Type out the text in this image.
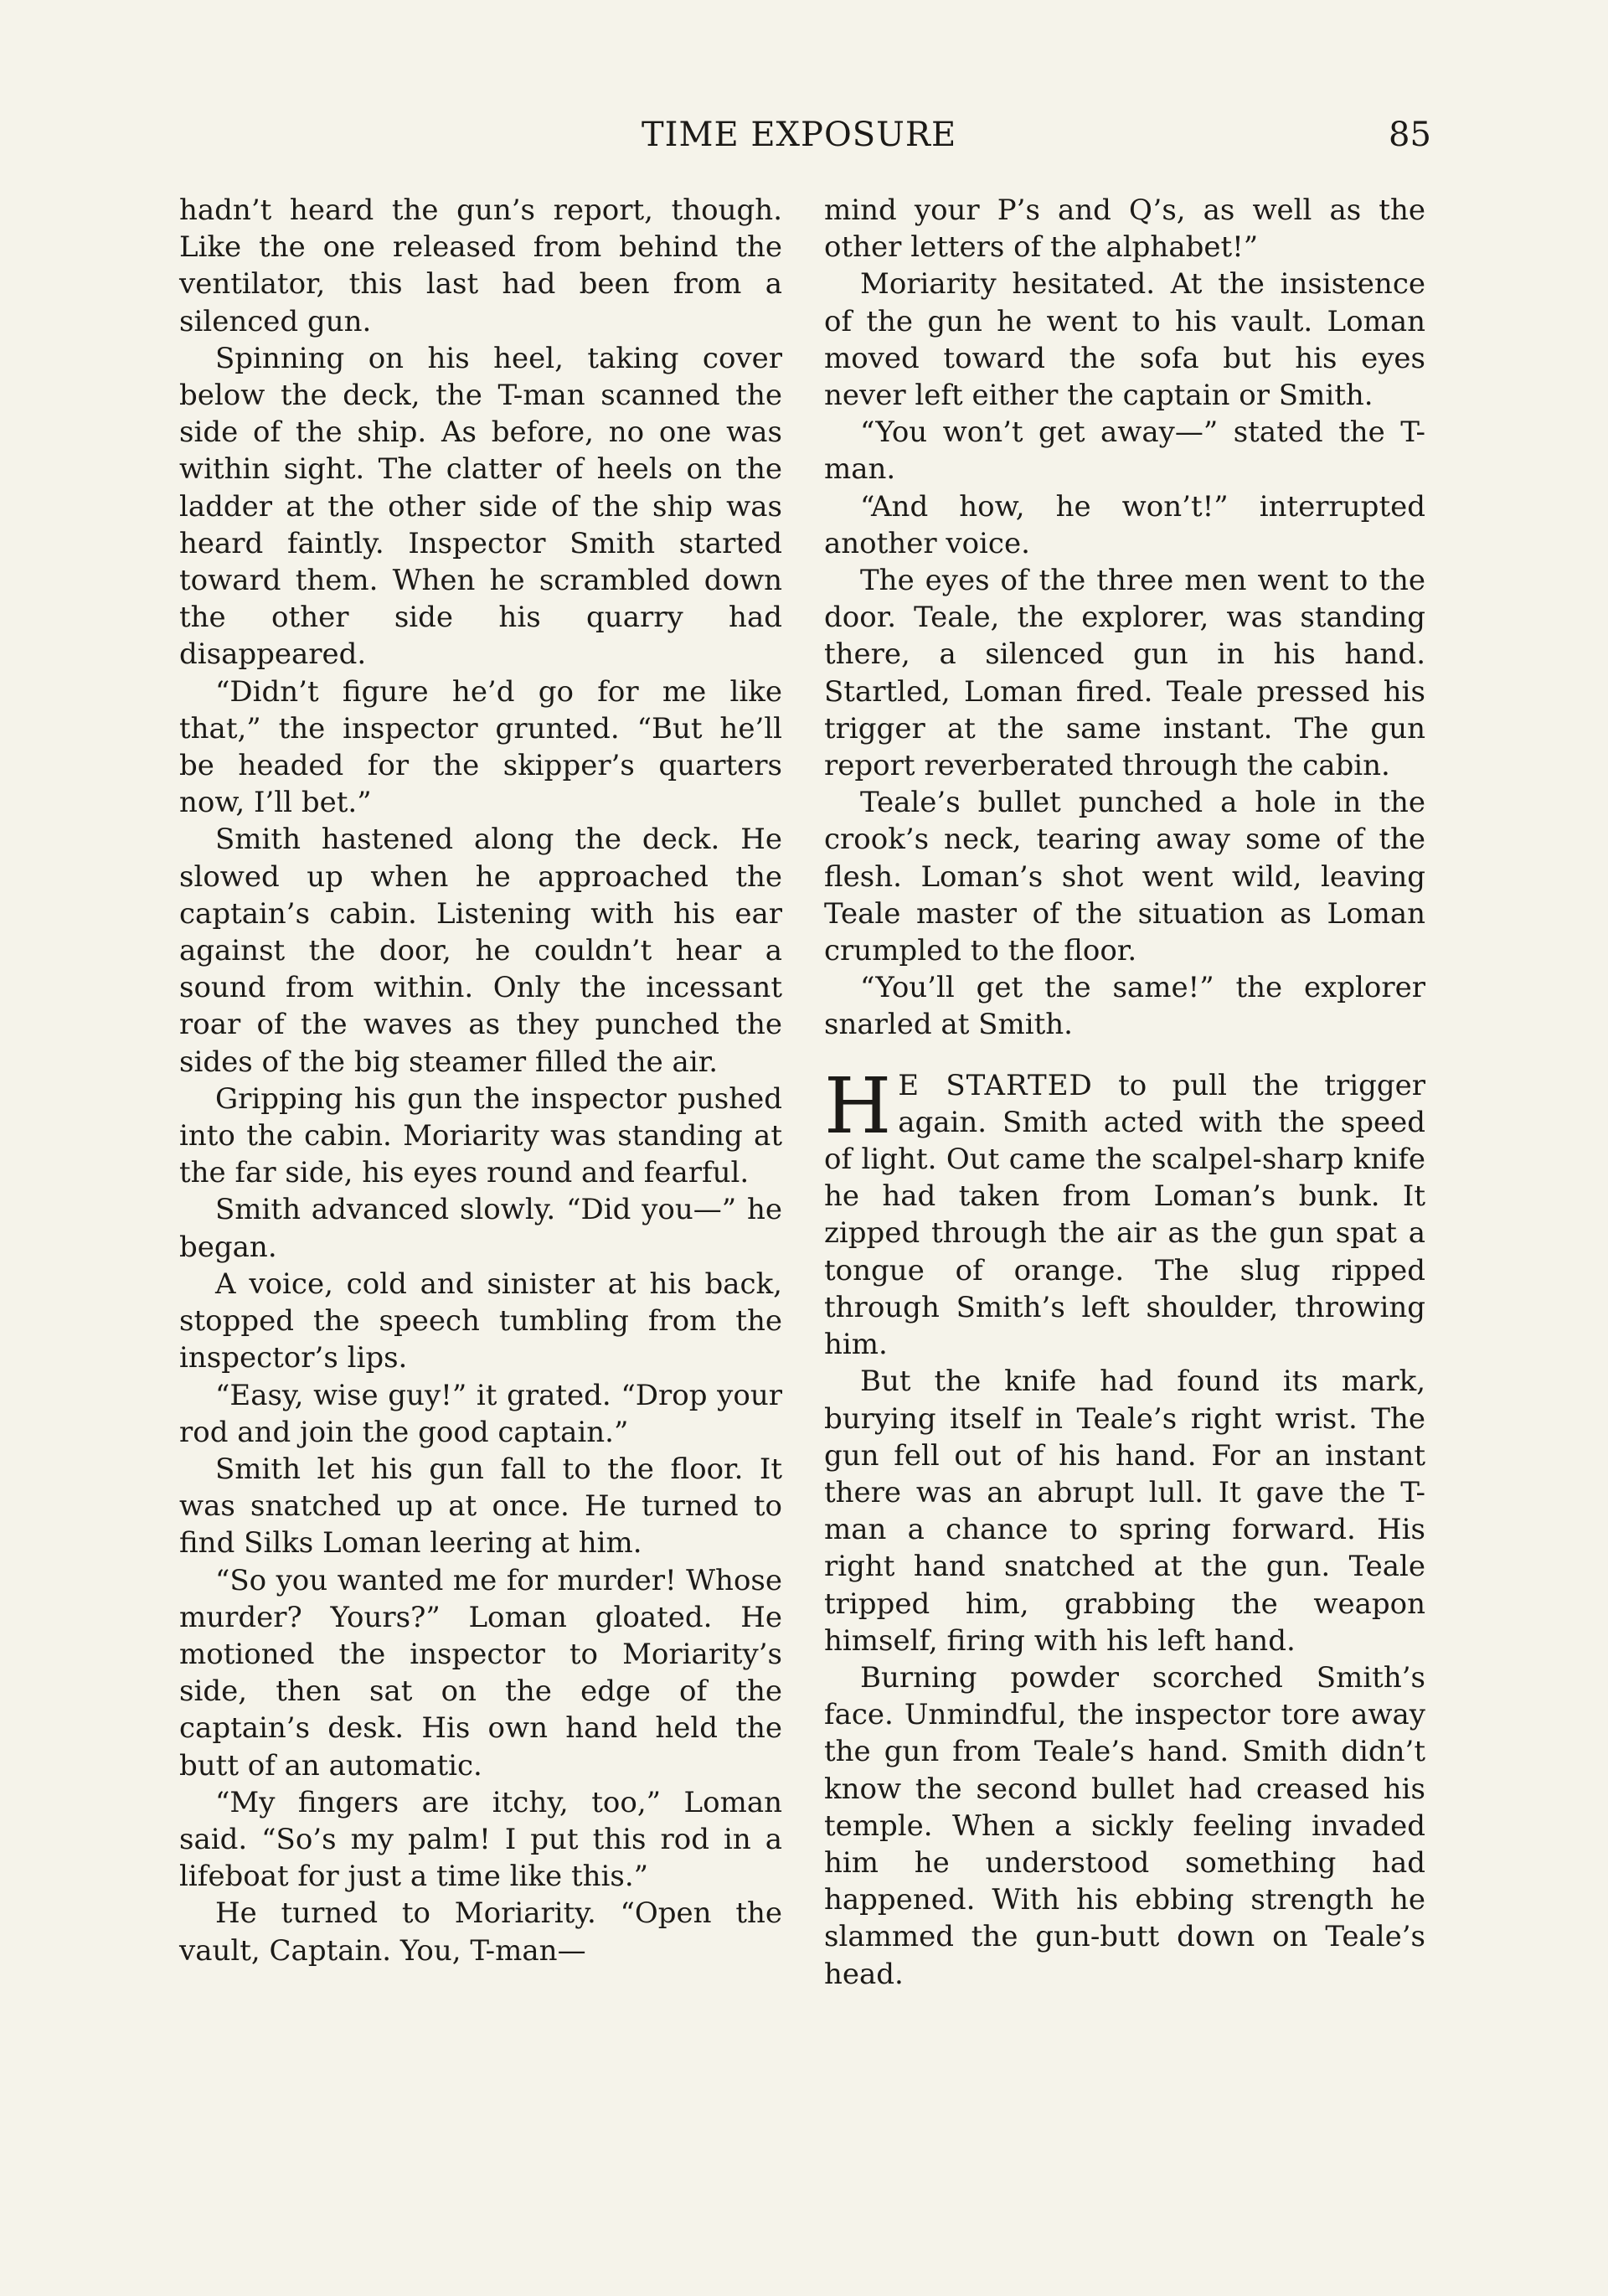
TIME EXPOSURE	85

hadn’t heard the gun’s report, though. Like the one released from behind the ventilator, this last had been from a silenced gun.

Spinning on his heel, taking cover below the deck, the T-man scanned the side of the ship. As before, no one was within sight. The clatter of heels on the ladder at the other side of the ship was heard faintly. Inspector Smith started toward them. When he scrambled down the other side his quarry had disappeared.

“Didn’t figure he’d go for me like that,” the inspector grunted. “But he’ll be headed for the skipper’s quarters now, I’ll bet.”

Smith hastened along the deck. He slowed up when he approached the captain’s cabin. Listening with his ear against the door, he couldn’t hear a sound from within. Only the incessant roar of the waves as they punched the sides of the big steamer filled the air.

Gripping his gun the inspector pushed into the cabin. Moriarity was standing at the far side, his eyes round and fearful.

Smith advanced slowly. “Did you—” he began.

A voice, cold and sinister at his back, stopped the speech tumbling from the inspector’s lips.

“Easy, wise guy!” it grated. “Drop your rod and join the good captain.”

Smith let his gun fall to the floor. It was snatched up at once. He turned to find Silks Loman leering at him.

“So you wanted me for murder! Whose murder? Yours?” Loman gloated. He motioned the inspector to Moriarity’s side, then sat on the edge of the captain’s desk. His own hand held the butt of an automatic.

“My fingers are itchy, too,” Loman said. “So’s my palm! I put this rod in a lifeboat for just a time like this.”

He turned to Moriarity. “Open the vault, Captain. You, T-man—

mind your P’s and Q’s, as well as the other letters of the alphabet!”

Moriarity hesitated. At the insistence of the gun he went to his vault. Loman moved toward the sofa but his eyes never left either the captain or Smith.

“You won’t get away—” stated the T-man.

“And how, he won’t!” interrupted another voice.

The eyes of the three men went to the door. Teale, the explorer, was standing there, a silenced gun in his hand. Startled, Loman fired. Teale pressed his trigger at the same instant. The gun report reverberated through the cabin.

Teale’s bullet punched a hole in the crook’s neck, tearing away some of the flesh. Loman’s shot went wild, leaving Teale master of the situation as Loman crumpled to the floor.

“You’ll get the same!” the explorer snarled at Smith.

H E STARTED to pull the trigger again. Smith acted with the speed of light. Out came the scalpel-sharp knife he had taken from Loman’s bunk. It zipped through the air as the gun spat a tongue of orange. The slug ripped through Smith’s left shoulder, throwing him.

But the knife had found its mark, burying itself in Teale’s right wrist. The gun fell out of his hand. For an instant there was an abrupt lull. It gave the T-man a chance to spring forward. His right hand snatched at the gun. Teale tripped him, grabbing the weapon himself, firing with his left hand.

Burning powder scorched Smith’s face. Unmindful, the inspector tore away the gun from Teale’s hand. Smith didn’t know the second bullet had creased his temple. When a sickly feeling invaded him he understood something had happened. With his ebbing strength he slammed the gun-butt down on Teale’s head.
